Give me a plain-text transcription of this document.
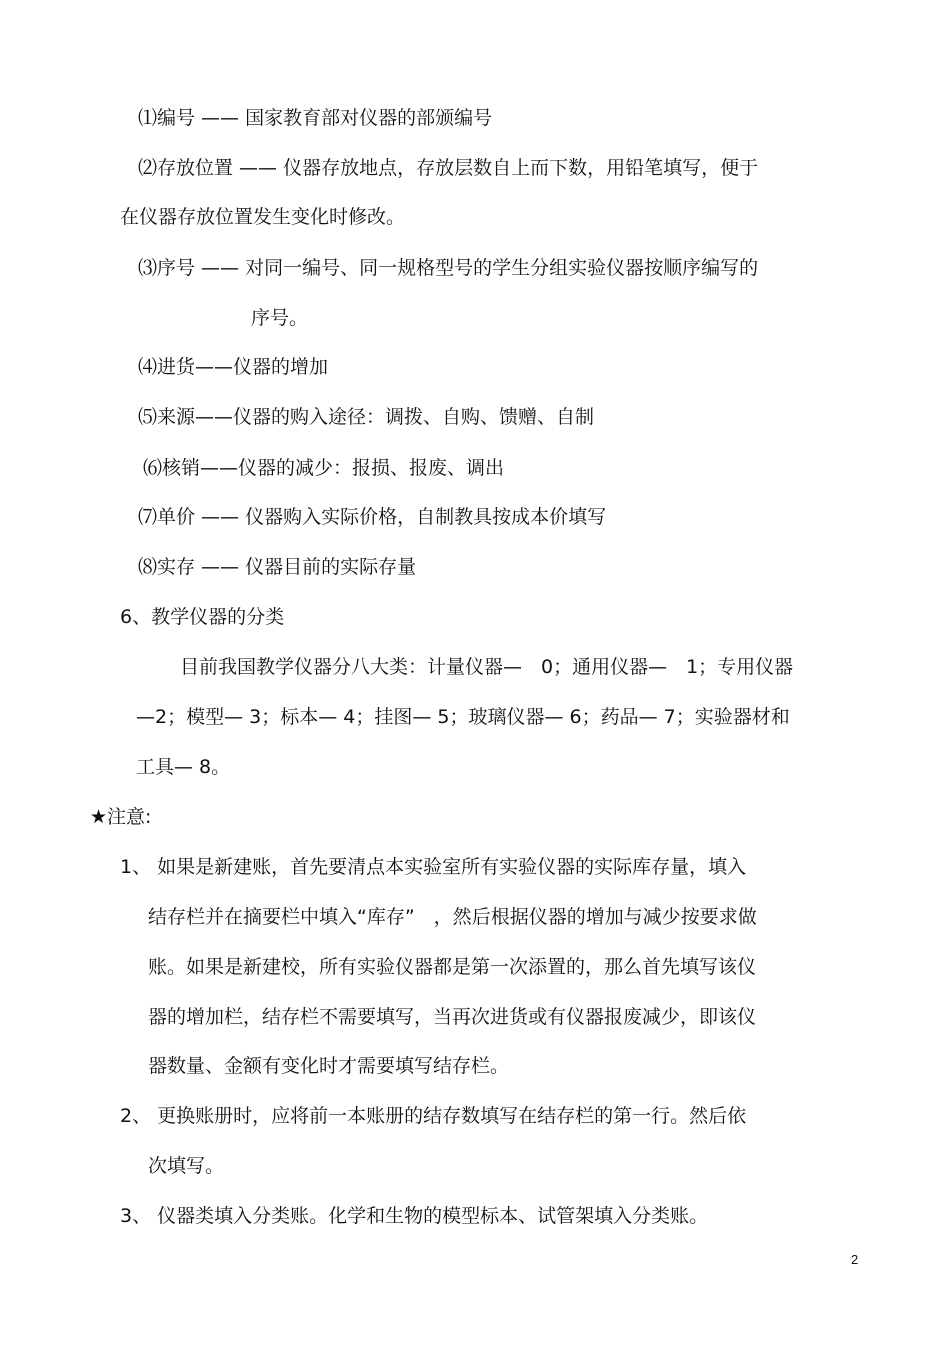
⑴编号 —— 国家教育部对仪器的部颁编号
⑵存放位置 —— 仪器存放地点，存放层数自上而下数，用铅笔填写，便于
在仪器存放位置发生变化时修改。
⑶序号 —— 对同一编号、同一规格型号的学生分组实验仪器按顺序编写的
序号。
⑷进货——仪器的增加
⑸来源——仪器的购入途径：调拨、自购、馈赠、自制
⑹核销——仪器的减少：报损、报废、调出
⑺单价 —— 仪器购入实际价格，自制教具按成本价填写
⑻实存 —— 仪器目前的实际存量
6、教学仪器的分类
目前我国教学仪器分八大类：计量仪器—　0；通用仪器—　1；专用仪器
—2；模型— 3；标本— 4；挂图— 5；玻璃仪器— 6；药品— 7；实验器材和
工具— 8。
★注意:
1、 如果是新建账，首先要清点本实验室所有实验仪器的实际库存量，填入
结存栏并在摘要栏中填入“库存”　，然后根据仪器的增加与减少按要求做
账。如果是新建校，所有实验仪器都是第一次添置的，那么首先填写该仪
器的增加栏，结存栏不需要填写，当再次进货或有仪器报废减少，即该仪
器数量、金额有变化时才需要填写结存栏。
2、 更换账册时，应将前一本账册的结存数填写在结存栏的第一行。然后依
次填写。
3、 仪器类填入分类账。化学和生物的模型标本、试管架填入分类账。
2
